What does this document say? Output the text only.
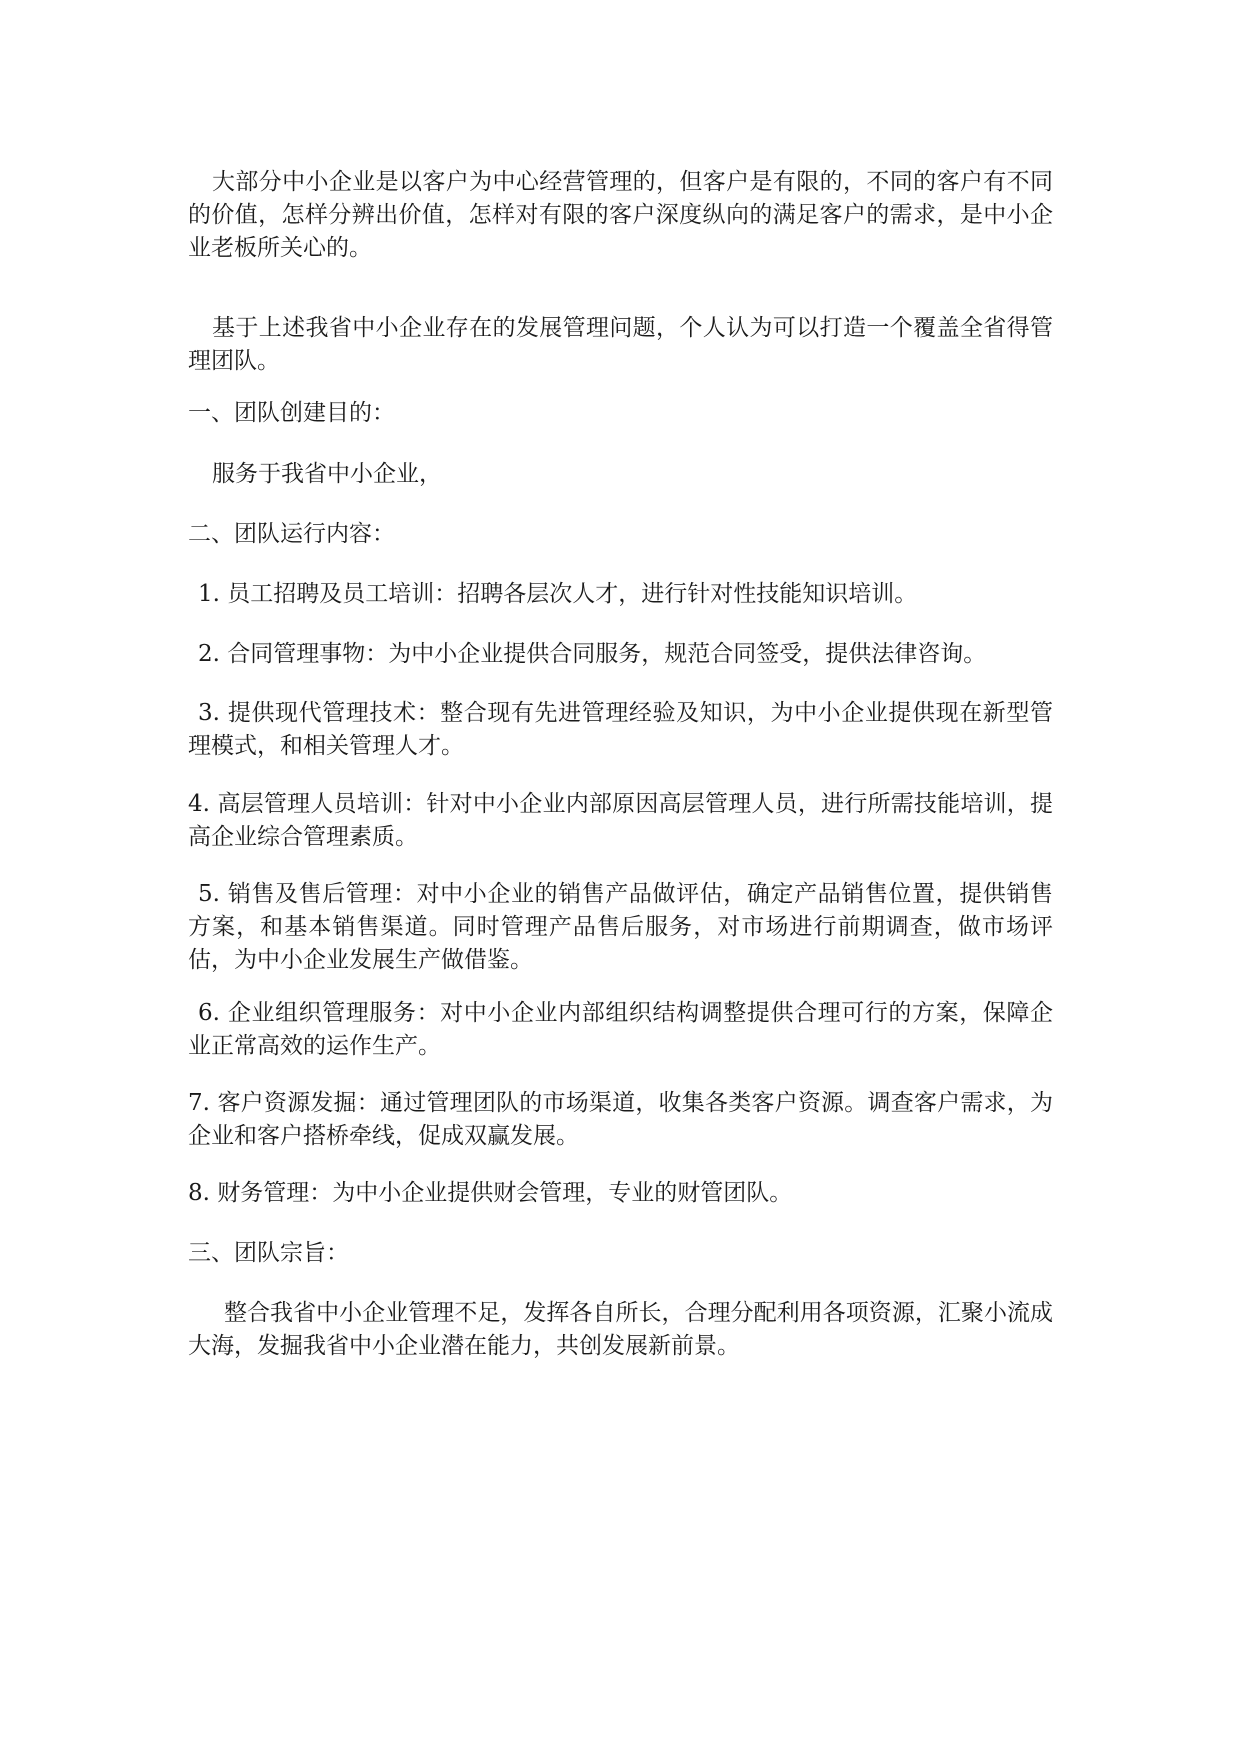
大部分中小企业是以客户为中心经营管理的，但客户是有限的，不同的客户有不同的价值，怎样分辨出价值，怎样对有限的客户深度纵向的满足客户的需求，是中小企业老板所关心的。

基于上述我省中小企业存在的发展管理问题，个人认为可以打造一个覆盖全省得管理团队。

一、团队创建目的：

服务于我省中小企业，

二、团队运行内容：

1. 员工招聘及员工培训：招聘各层次人才，进行针对性技能知识培训。

2. 合同管理事物：为中小企业提供合同服务，规范合同签受，提供法律咨询。

3. 提供现代管理技术：整合现有先进管理经验及知识，为中小企业提供现在新型管理模式，和相关管理人才。

4. 高层管理人员培训：针对中小企业内部原因高层管理人员，进行所需技能培训，提高企业综合管理素质。

5. 销售及售后管理：对中小企业的销售产品做评估，确定产品销售位置，提供销售方案，和基本销售渠道。同时管理产品售后服务，对市场进行前期调查，做市场评估，为中小企业发展生产做借鉴。

6. 企业组织管理服务：对中小企业内部组织结构调整提供合理可行的方案，保障企业正常高效的运作生产。

7. 客户资源发掘：通过管理团队的市场渠道，收集各类客户资源。调查客户需求，为企业和客户搭桥牵线，促成双赢发展。

8. 财务管理：为中小企业提供财会管理，专业的财管团队。

三、团队宗旨：

整合我省中小企业管理不足，发挥各自所长，合理分配利用各项资源，汇聚小流成大海，发掘我省中小企业潜在能力，共创发展新前景。
